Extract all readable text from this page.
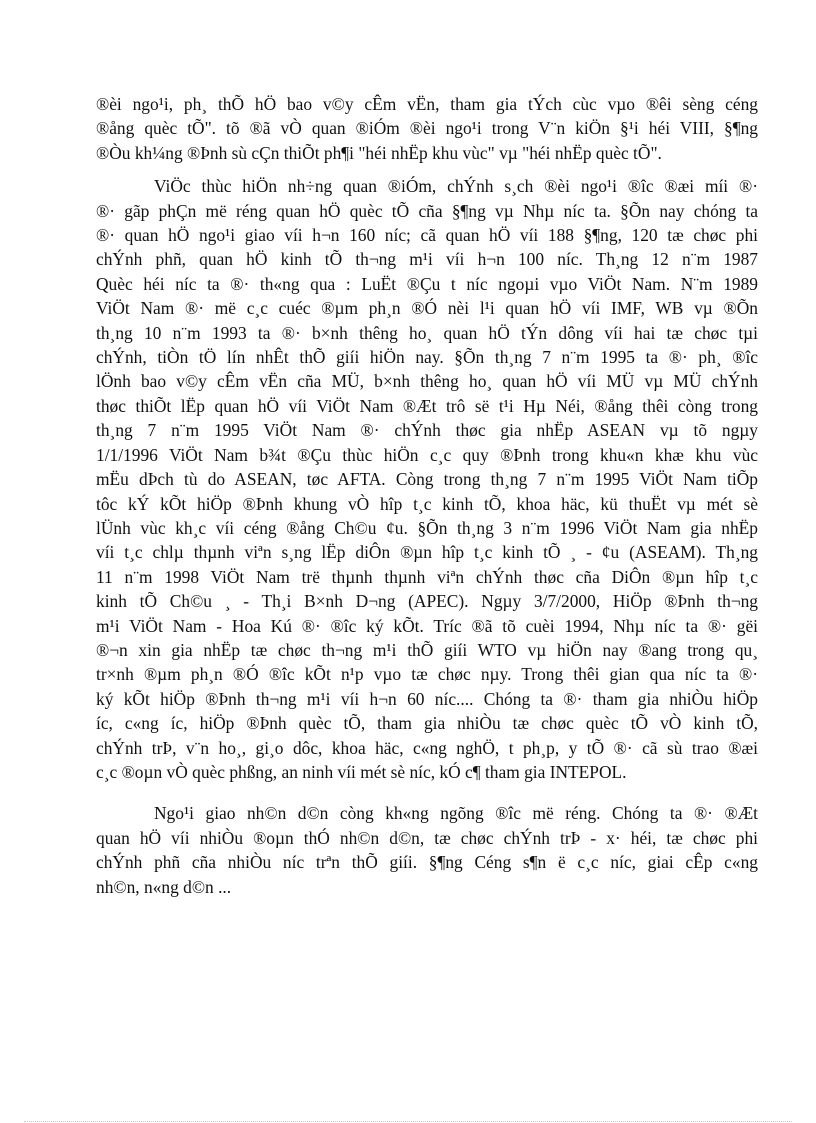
®èi ngo¹i, ph¸ thÕ hÖ bao v©y cÊm vËn, tham gia tÝch cùc vµo ®êi sèng céng
®ång quèc tÕ". tõ ®ã vÒ quan ®iÓm ®èi ngo¹i trong V¨n kiÖn §¹i héi VIII, §¶ng
®Òu kh¼ng ®Þnh sù cÇn thiÕt ph¶i "héi nhËp khu vùc" vµ "héi nhËp quèc tÕ".
ViÖc thùc hiÖn nh÷ng quan ®iÓm, chÝnh s¸ch ®èi ngo¹i ®îc ®æi míi ®·
®· gãp phÇn më réng quan hÖ quèc tÕ cña §¶ng vµ Nhµ níc ta. §Õn nay chóng ta
®· quan hÖ ngo¹i giao víi h¬n 160 níc; cã quan hÖ víi 188 §¶ng, 120 tæ chøc phi
chÝnh phñ, quan hÖ kinh tÕ th¬ng m¹i víi h¬n 100 níc. Th¸ng 12 n¨m 1987
Quèc héi níc ta ®· th«ng qua : LuËt ®Çu t níc ngoµi vµo ViÖt Nam. N¨m 1989
ViÖt Nam ®· më c¸c cuéc ®µm ph¸n ®Ó nèi l¹i quan hÖ víi IMF, WB vµ ®Õn
th¸ng 10 n¨m 1993 ta ®· b×nh thêng ho¸ quan hÖ tÝn dông víi hai tæ chøc tµi
chÝnh, tiÒn tÖ lín nhÊt thÕ giíi hiÖn nay. §Õn th¸ng 7 n¨m 1995 ta ®· ph¸ ®îc
lÖnh bao v©y cÊm vËn cña MÜ, b×nh thêng ho¸ quan hÖ víi MÜ vµ MÜ chÝnh
thøc thiÕt lËp quan hÖ víi ViÖt Nam ®Æt trô së t¹i Hµ Néi, ®ång thêi còng trong
th¸ng 7 n¨m 1995 ViÖt Nam ®· chÝnh thøc gia nhËp ASEAN vµ tõ ngµy
1/1/1996 ViÖt Nam b¾t ®Çu thùc hiÖn c¸c quy ®Þnh trong khu«n khæ khu vùc
mËu dÞch tù do ASEAN, tøc AFTA. Còng trong th¸ng 7 n¨m 1995 ViÖt Nam tiÕp
tôc kÝ kÕt hiÖp ®Þnh khung vÒ hîp t¸c kinh tÕ, khoa häc, kü thuËt vµ mét sè
lÜnh vùc kh¸c víi céng ®ång Ch©u ¢u. §Õn th¸ng 3 n¨m 1996 ViÖt Nam gia nhËp
víi t¸c chlµ thµnh viªn s¸ng lËp diÔn ®µn hîp t¸c kinh tÕ ¸ - ¢u (ASEAM). Th¸ng
11 n¨m 1998 ViÖt Nam trë thµnh thµnh viªn chÝnh thøc cña DiÔn ®µn hîp t¸c
kinh tÕ Ch©u ¸ - Th¸i B×nh D¬ng (APEC). Ngµy 3/7/2000, HiÖp ®Þnh th¬ng
m¹i ViÖt Nam - Hoa Kú ®· ®îc ký kÕt. Tríc ®ã tõ cuèi 1994, Nhµ níc ta ®· gëi
®¬n xin gia nhËp tæ chøc th¬ng m¹i thÕ giíi WTO vµ hiÖn nay ®ang trong qu¸
tr×nh ®µm ph¸n ®Ó ®îc kÕt n¹p vµo tæ chøc nµy. Trong thêi gian qua níc ta ®·
ký kÕt hiÖp ®Þnh th¬ng m¹i víi h¬n 60 níc.... Chóng ta ®· tham gia nhiÒu hiÖp
íc, c«ng íc, hiÖp ®Þnh quèc tÕ, tham gia nhiÒu tæ chøc quèc tÕ vÒ kinh tÕ,
chÝnh trÞ, v¨n ho¸, gi¸o dôc, khoa häc, c«ng nghÖ, t ph¸p, y tÕ ®· cã sù trao ®æi
c¸c ®oµn vÒ quèc phßng, an ninh víi mét sè níc, kÓ c¶ tham gia INTEPOL.
Ngo¹i giao nh©n d©n còng kh«ng ngõng ®îc më réng. Chóng ta ®· ®Æt
quan hÖ víi nhiÒu ®oµn thÓ nh©n d©n, tæ chøc chÝnh trÞ - x· héi, tæ chøc phi
chÝnh phñ cña nhiÒu níc trªn thÕ giíi. §¶ng Céng s¶n ë c¸c níc, giai cÊp c«ng
nh©n, n«ng d©n ...
